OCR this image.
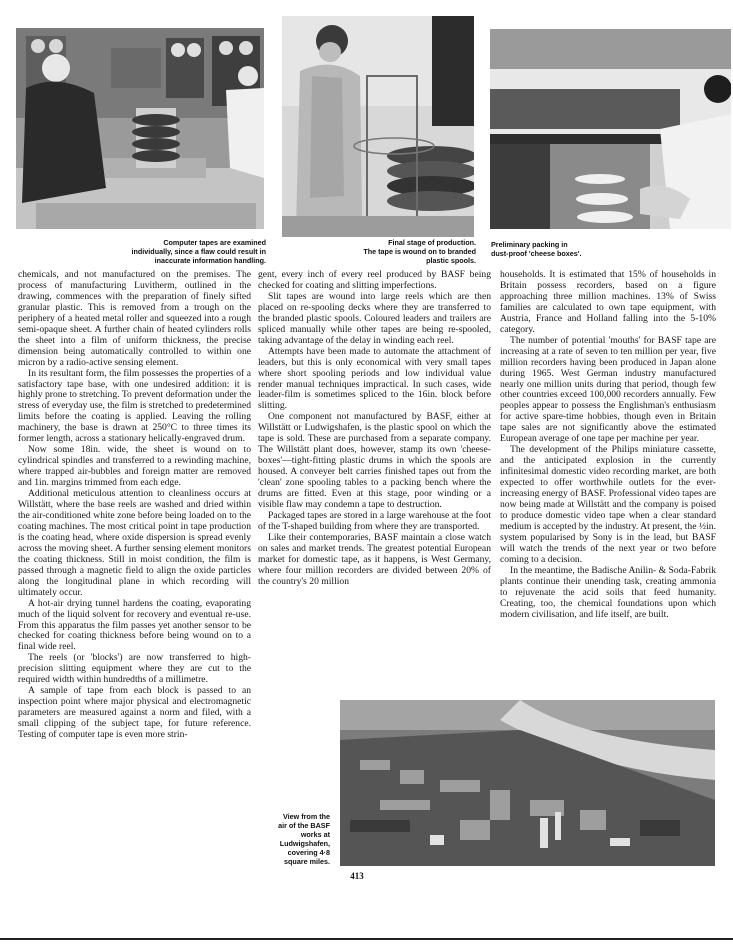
Computer tapes are examined
individually, since a flaw could result in
inaccurate information handling.
Final stage of production.
The tape is wound on to branded
plastic spools.
Preliminary packing in
dust-proof 'cheese boxes'.

chemicals, and not manufactured on the premises. The process of manufacturing Luvitherm, outlined in the drawing, commences with the preparation of finely sifted granular plastic. This is removed from a trough on the periphery of a heated metal roller and squeezed into a rough semi-opaque sheet. A further chain of heated cylinders rolls the sheet into a film of uniform thickness, the precise dimension being automatically controlled to within one micron by a radio-active sensing element.

In its resultant form, the film possesses the properties of a satisfactory tape base, with one undesired addition: it is highly prone to stretching. To prevent deformation under the stress of everyday use, the film is stretched to predetermined limits before the coating is applied. Leaving the rolling machinery, the base is drawn at 250°C to three times its former length, across a stationary helically-engraved drum.

Now some 18in. wide, the sheet is wound on to cylindrical spindles and transferred to a rewinding machine, where trapped air-bubbles and foreign matter are removed and 1in. margins trimmed from each edge.

Additional meticulous attention to cleanliness occurs at Willstätt, where the base reels are washed and dried within the air-conditioned white zone before being loaded on to the coating machines. The most critical point in tape production is the coating head, where oxide dispersion is spread evenly across the moving sheet. A further sensing element monitors the coating thickness. Still in moist condition, the film is passed through a magnetic field to align the oxide particles along the longitudinal plane in which recording will ultimately occur.

A hot-air drying tunnel hardens the coating, evaporating much of the liquid solvent for recovery and eventual re-use. From this apparatus the film passes yet another sensor to be checked for coating thickness before being wound on to a final wide reel.

The reels (or 'blocks') are now transferred to high-precision slitting equipment where they are cut to the required width within hundredths of a millimetre.

A sample of tape from each block is passed to an inspection point where major physical and electromagnetic parameters are measured against a norm and filed, with a small clipping of the subject tape, for future reference. Testing of computer tape is even more strin-

gent, every inch of every reel produced by BASF being checked for coating and slitting imperfections.

Slit tapes are wound into large reels which are then placed on re-spooling decks where they are transferred to the branded plastic spools. Coloured leaders and trailers are spliced manually while other tapes are being re-spooled, taking advantage of the delay in winding each reel.

Attempts have been made to automate the attachment of leaders, but this is only economical with very small tapes where short spooling periods and low individual value render manual techniques impractical. In such cases, wide leader-film is sometimes spliced to the 16in. block before slitting.

One component not manufactured by BASF, either at Willstätt or Ludwigshafen, is the plastic spool on which the tape is sold. These are purchased from a separate company. The Willstätt plant does, however, stamp its own 'cheese-boxes'—tight-fitting plastic drums in which the spools are housed. A conveyer belt carries finished tapes out from the 'clean' zone spooling tables to a packing bench where the drums are fitted. Even at this stage, poor winding or a visible flaw may condemn a tape to destruction.

Packaged tapes are stored in a large warehouse at the foot of the T-shaped building from where they are transported.

Like their contemporaries, BASF maintain a close watch on sales and market trends. The greatest potential European market for domestic tape, as it happens, is West Germany, where four million recorders are divided between 20% of the country's 20 million

households. It is estimated that 15% of households in Britain possess recorders, based on a figure approaching three million machines. 13% of Swiss families are calculated to own tape equipment, with Austria, France and Holland falling into the 5-10% category.

The number of potential 'mouths' for BASF tape are increasing at a rate of seven to ten million per year, five million recorders having been produced in Japan alone during 1965. West German industry manufactured nearly one million units during that period, though few other countries exceed 100,000 recorders annually. Few peoples appear to possess the Englishman's enthusiasm for active spare-time hobbies, though even in Britain tape sales are not significantly above the estimated European average of one tape per machine per year.

The development of the Philips miniature cassette, and the anticipated explosion in the currently infinitesimal domestic video recording market, are both expected to offer worthwhile outlets for the ever-increasing energy of BASF. Professional video tapes are now being made at Willstätt and the company is poised to produce domestic video tape when a clear standard medium is accepted by the industry. At present, the ½in. system popularised by Sony is in the lead, but BASF will watch the trends of the next year or two before coming to a decision.

In the meantime, the Badische Anilin- & Soda-Fabrik plants continue their unending task, creating ammonia to rejuvenate the acid soils that feed humanity. Creating, too, the chemical foundations upon which modern civilisation, and life itself, are built.

View from the
air of the BASF
works at
Ludwigshafen,
covering 4·8
square miles.
413
